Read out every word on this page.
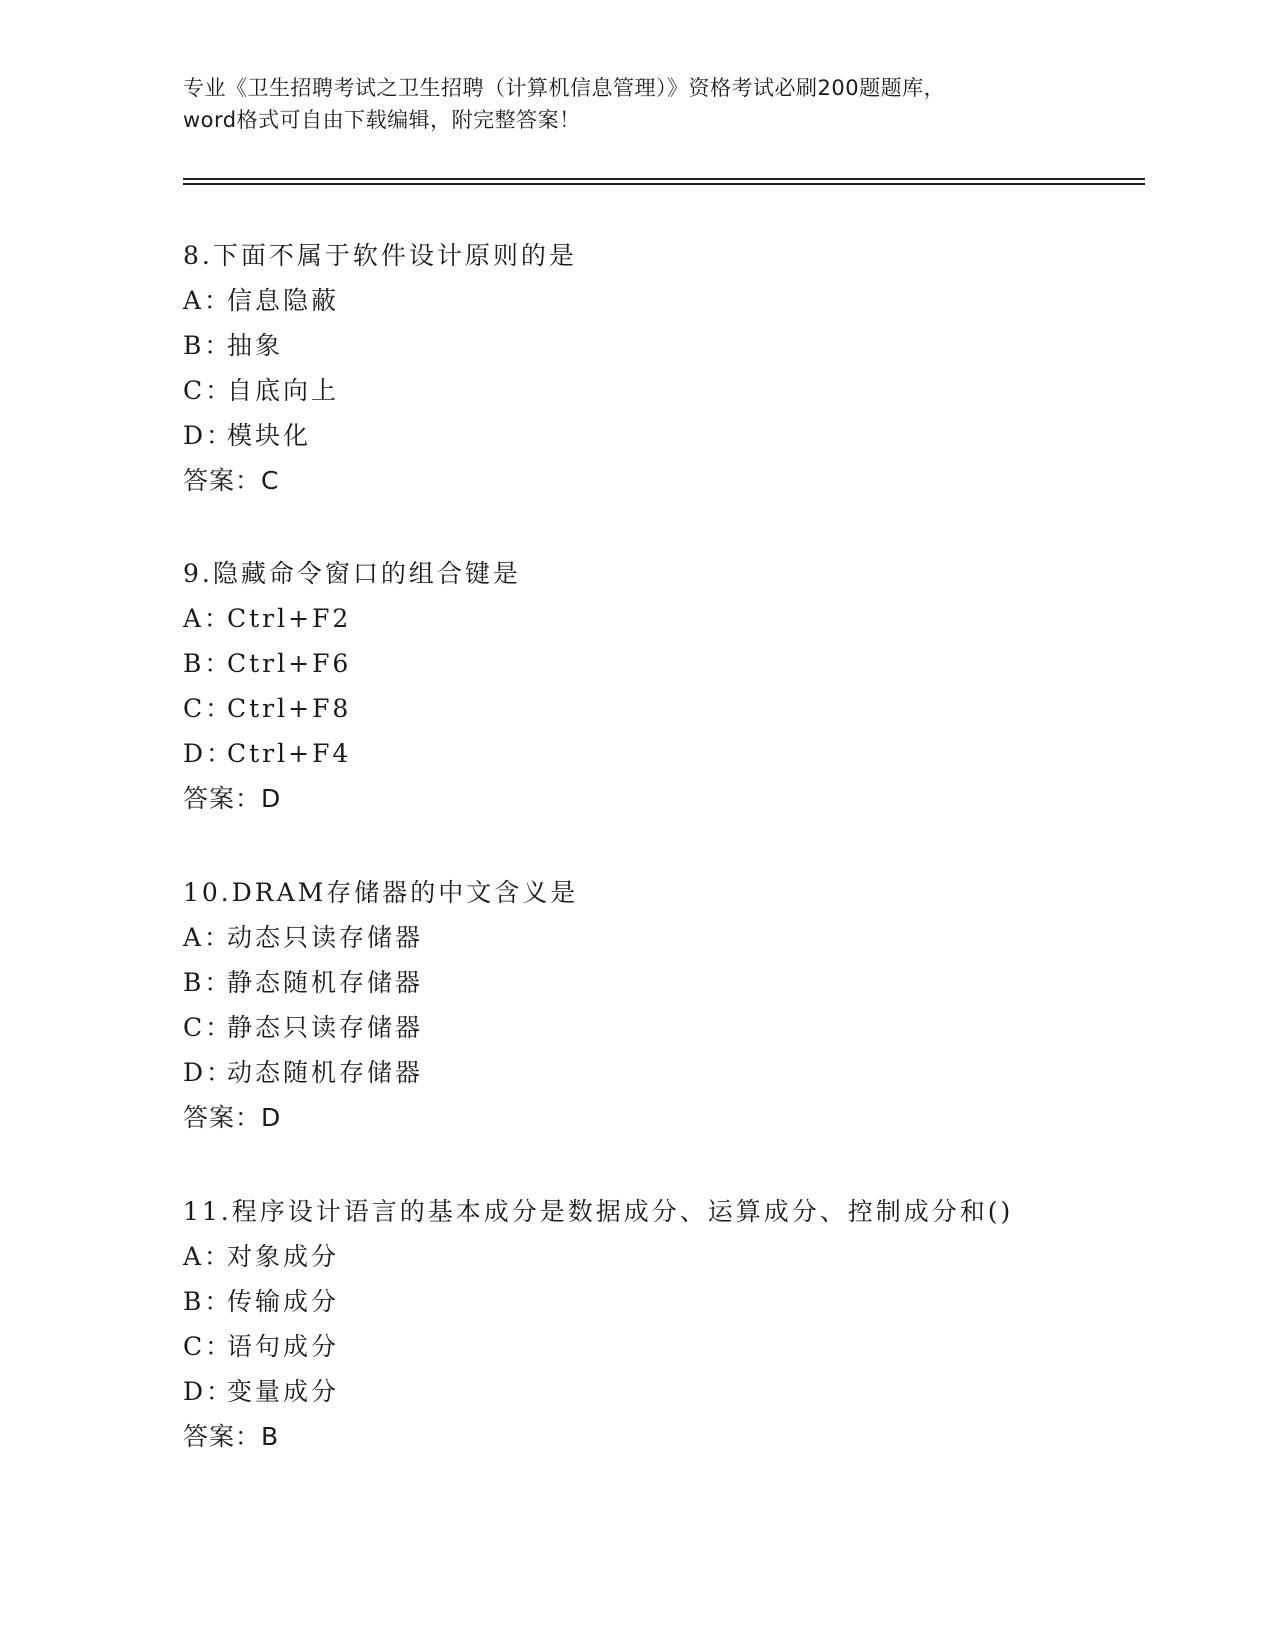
专业《卫生招聘考试之卫生招聘（计算机信息管理）》资格考试必刷200题题库，
word格式可自由下载编辑，附完整答案！
8.下面不属于软件设计原则的是
A：信息隐蔽
B：抽象
C：自底向上
D：模块化
答案：C
9.隐藏命令窗口的组合键是
A：Ctrl+F2
B：Ctrl+F6
C：Ctrl+F8
D：Ctrl+F4
答案：D
10.DRAM存储器的中文含义是
A：动态只读存储器
B：静态随机存储器
C：静态只读存储器
D：动态随机存储器
答案：D
11.程序设计语言的基本成分是数据成分、运算成分、控制成分和()
A：对象成分
B：传输成分
C：语句成分
D：变量成分
答案：B
